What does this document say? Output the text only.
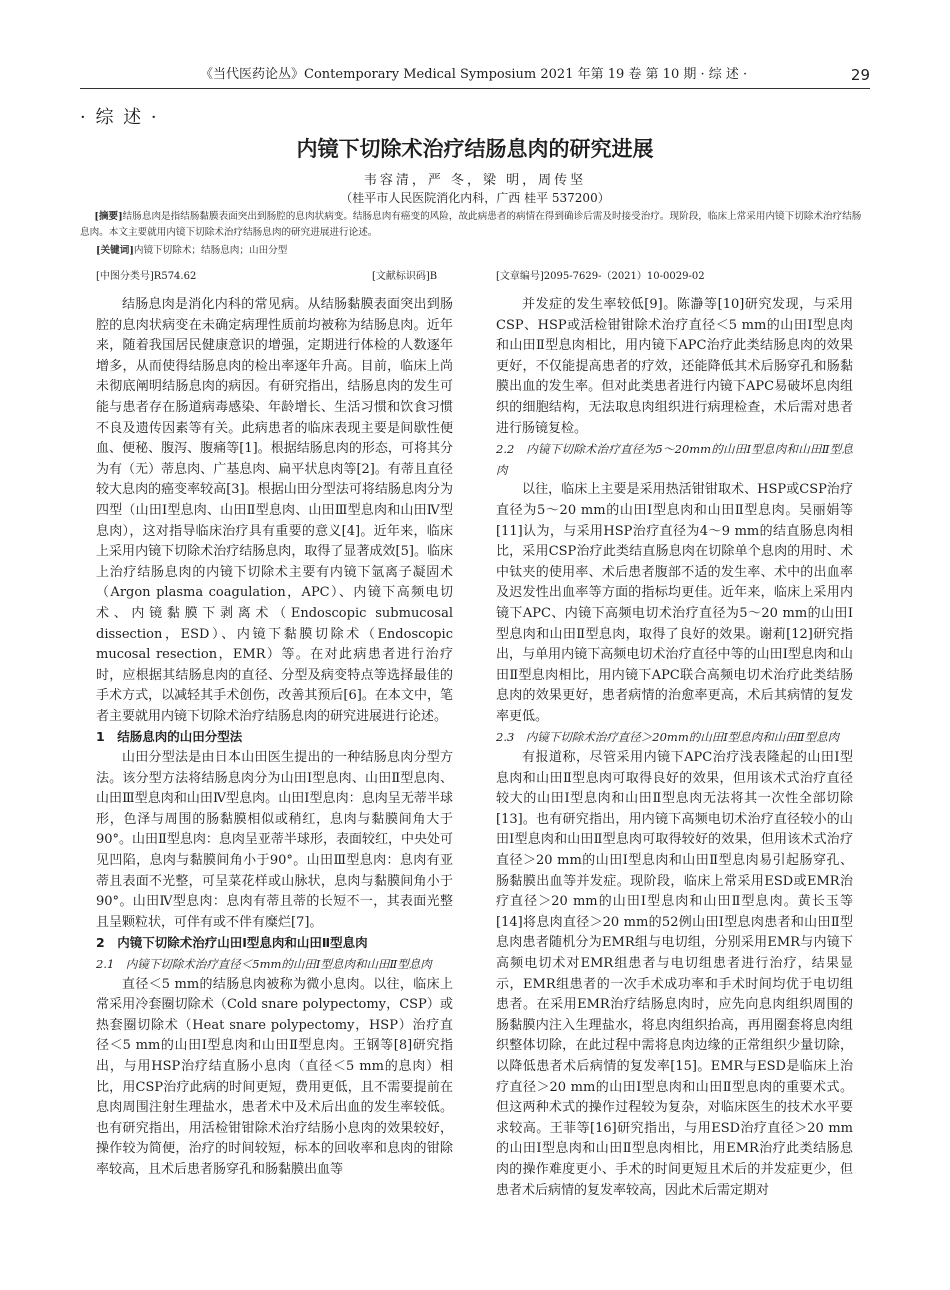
《当代医药论丛》Contemporary Medical Symposium 2021 年第 19 卷 第 10 期 · 综 述 ·	29
· 综 述 ·
内镜下切除术治疗结肠息肉的研究进展
韦容清，严 冬，梁 明，周传坚
（桂平市人民医院消化内科，广西 桂平 537200）
[摘要]结肠息肉是指结肠黏膜表面突出到肠腔的息肉状病变。结肠息肉有癌变的风险，故此病患者的病情在得到确诊后需及时接受治疗。现阶段，临床上常采用内镜下切除术治疗结肠息肉。本文主要就用内镜下切除术治疗结肠息肉的研究进展进行论述。
[关键词]内镜下切除术；结肠息肉；山田分型
[中图分类号]R574.62	[文献标识码]B	[文章编号]2095-7629-（2021）10-0029-02

结肠息肉是消化内科的常见病。从结肠黏膜表面突出到肠腔的息肉状病变在未确定病理性质前均被称为结肠息肉。近年来，随着我国居民健康意识的增强，定期进行体检的人数逐年增多，从而使得结肠息肉的检出率逐年升高。目前，临床上尚未彻底阐明结肠息肉的病因。有研究指出，结肠息肉的发生可能与患者存在肠道病毒感染、年龄增长、生活习惯和饮食习惯不良及遗传因素等有关。此病患者的临床表现主要是间歇性便血、便秘、腹泻、腹痛等[1]。根据结肠息肉的形态，可将其分为有（无）蒂息肉、广基息肉、扁平状息肉等[2]。有蒂且直径较大息肉的癌变率较高[3]。根据山田分型法可将结肠息肉分为四型（山田Ⅰ型息肉、山田Ⅱ型息肉、山田Ⅲ型息肉和山田Ⅳ型息肉），这对指导临床治疗具有重要的意义[4]。近年来，临床上采用内镜下切除术治疗结肠息肉，取得了显著成效[5]。临床上治疗结肠息肉的内镜下切除术主要有内镜下氩离子凝固术（Argon plasma coagulation，APC）、内镜下高频电切术、内镜黏膜下剥离术（Endoscopic submucosal dissection，ESD）、内镜下黏膜切除术（Endoscopic mucosal resection，EMR）等。在对此病患者进行治疗时，应根据其结肠息肉的直径、分型及病变特点等选择最佳的手术方式，以减轻其手术创伤，改善其预后[6]。在本文中，笔者主要就用内镜下切除术治疗结肠息肉的研究进展进行论述。

1　结肠息肉的山田分型法

山田分型法是由日本山田医生提出的一种结肠息肉分型方法。该分型方法将结肠息肉分为山田Ⅰ型息肉、山田Ⅱ型息肉、山田Ⅲ型息肉和山田Ⅳ型息肉。山田Ⅰ型息肉：息肉呈无蒂半球形，色泽与周围的肠黏膜相似或稍红，息肉与黏膜间角大于90°。山田Ⅱ型息肉：息肉呈亚蒂半球形，表面较红，中央处可见凹陷，息肉与黏膜间角小于90°。山田Ⅲ型息肉：息肉有亚蒂且表面不光整，可呈菜花样或山脉状，息肉与黏膜间角小于90°。山田Ⅳ型息肉：息肉有蒂且蒂的长短不一，其表面光整且呈颗粒状，可伴有或不伴有糜烂[7]。

2　内镜下切除术治疗山田Ⅰ型息肉和山田Ⅱ型息肉

2.1　内镜下切除术治疗直径＜5mm的山田Ⅰ型息肉和山田Ⅱ型息肉

直径＜5 mm的结肠息肉被称为微小息肉。以往，临床上常采用冷套圈切除术（Cold snare polypectomy，CSP）或热套圈切除术（Heat snare polypectomy，HSP）治疗直径＜5 mm的山田Ⅰ型息肉和山田Ⅱ型息肉。王钢等[8]研究指出，与用HSP治疗结直肠小息肉（直径＜5 mm的息肉）相比，用CSP治疗此病的时间更短，费用更低，且不需要提前在息肉周围注射生理盐水，患者术中及术后出血的发生率较低。也有研究指出，用活检钳钳除术治疗结肠小息肉的效果较好，操作较为简便，治疗的时间较短，标本的回收率和息肉的钳除率较高，且术后患者肠穿孔和肠黏膜出血等

并发症的发生率较低[9]。陈瀞等[10]研究发现，与采用CSP、HSP或活检钳钳除术治疗直径＜5 mm的山田Ⅰ型息肉和山田Ⅱ型息肉相比，用内镜下APC治疗此类结肠息肉的效果更好，不仅能提高患者的疗效，还能降低其术后肠穿孔和肠黏膜出血的发生率。但对此类患者进行内镜下APC易破坏息肉组织的细胞结构，无法取息肉组织进行病理检查，术后需对患者进行肠镜复检。

2.2　内镜下切除术治疗直径为5～20mm的山田Ⅰ型息肉和山田Ⅱ型息肉

以往，临床上主要是采用热活钳钳取术、HSP或CSP治疗直径为5～20 mm的山田Ⅰ型息肉和山田Ⅱ型息肉。吴丽娟等[11]认为，与采用HSP治疗直径为4～9 mm的结直肠息肉相比，采用CSP治疗此类结直肠息肉在切除单个息肉的用时、术中钛夹的使用率、术后患者腹部不适的发生率、术中的出血率及迟发性出血率等方面的指标均更佳。近年来，临床上采用内镜下APC、内镜下高频电切术治疗直径为5～20 mm的山田Ⅰ型息肉和山田Ⅱ型息肉，取得了良好的效果。谢莉[12]研究指出，与单用内镜下高频电切术治疗直径中等的山田Ⅰ型息肉和山田Ⅱ型息肉相比，用内镜下APC联合高频电切术治疗此类结肠息肉的效果更好，患者病情的治愈率更高，术后其病情的复发率更低。

2.3　内镜下切除术治疗直径＞20mm的山田Ⅰ型息肉和山田Ⅱ型息肉

有报道称，尽管采用内镜下APC治疗浅表隆起的山田Ⅰ型息肉和山田Ⅱ型息肉可取得良好的效果，但用该术式治疗直径较大的山田Ⅰ型息肉和山田Ⅱ型息肉无法将其一次性全部切除[13]。也有研究指出，用内镜下高频电切术治疗直径较小的山田Ⅰ型息肉和山田Ⅱ型息肉可取得较好的效果，但用该术式治疗直径＞20 mm的山田Ⅰ型息肉和山田Ⅱ型息肉易引起肠穿孔、肠黏膜出血等并发症。现阶段，临床上常采用ESD或EMR治疗直径＞20 mm的山田Ⅰ型息肉和山田Ⅱ型息肉。黄长玉等[14]将息肉直径＞20 mm的52例山田Ⅰ型息肉患者和山田Ⅱ型息肉患者随机分为EMR组与电切组，分别采用EMR与内镜下高频电切术对EMR组患者与电切组患者进行治疗，结果显示，EMR组患者的一次手术成功率和手术时间均优于电切组患者。在采用EMR治疗结肠息肉时，应先向息肉组织周围的肠黏膜内注入生理盐水，将息肉组织抬高，再用圈套将息肉组织整体切除，在此过程中需将息肉边缘的正常组织少量切除，以降低患者术后病情的复发率[15]。EMR与ESD是临床上治疗直径＞20 mm的山田Ⅰ型息肉和山田Ⅱ型息肉的重要术式。但这两种术式的操作过程较为复杂，对临床医生的技术水平要求较高。王菲等[16]研究指出，与用ESD治疗直径＞20 mm的山田Ⅰ型息肉和山田Ⅱ型息肉相比，用EMR治疗此类结肠息肉的操作难度更小、手术的时间更短且术后的并发症更少，但患者术后病情的复发率较高，因此术后需定期对
